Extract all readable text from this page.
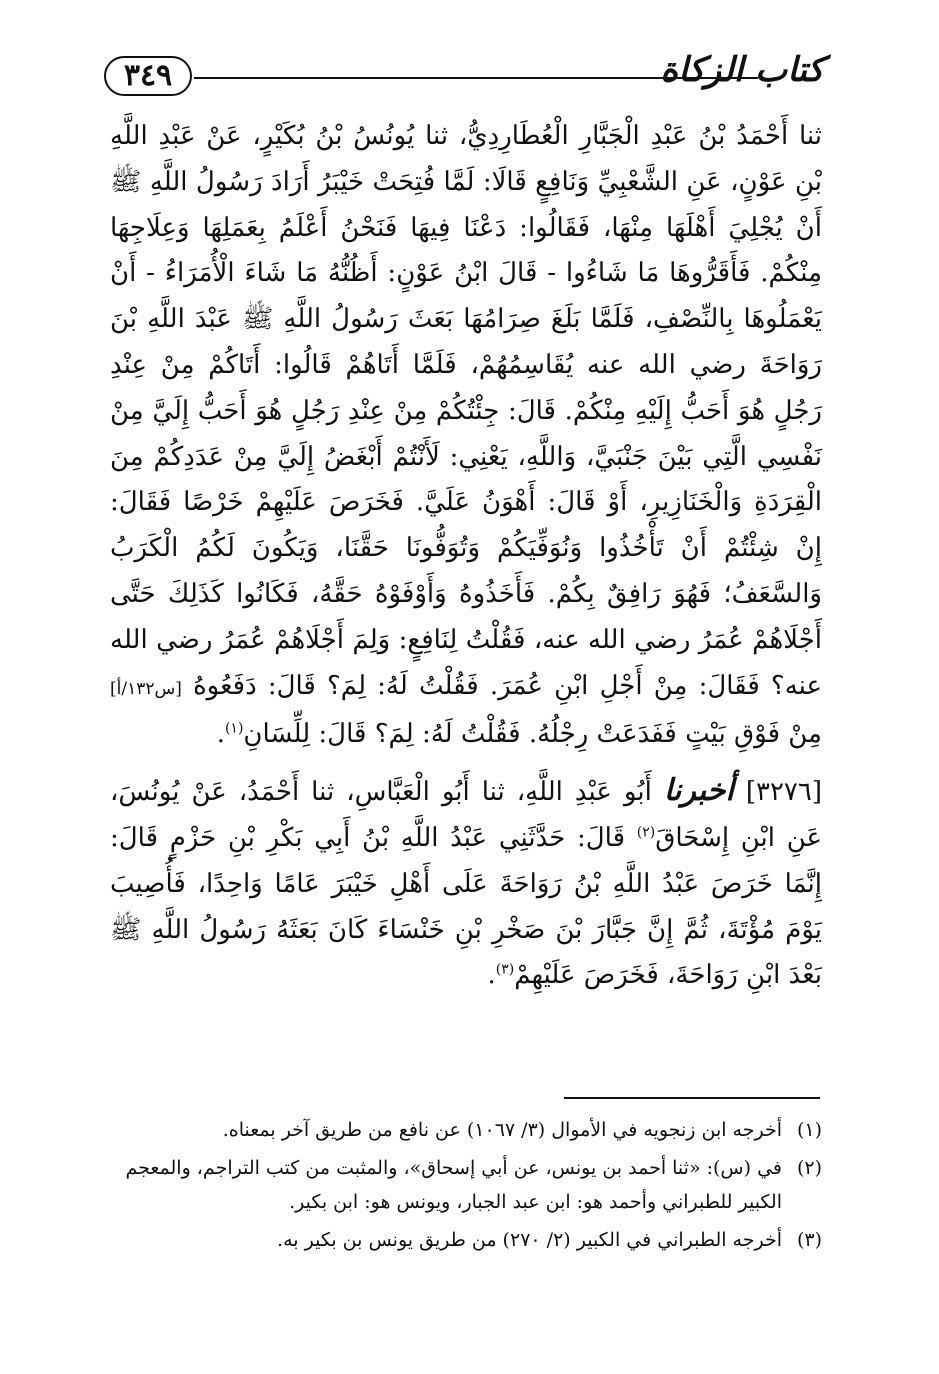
كتاب الزكاة
٣٤٩

ثنا أَحْمَدُ بْنُ عَبْدِ الْجَبَّارِ الْعُطَارِدِيُّ، ثنا يُونُسُ بْنُ بُكَيْرٍ، عَنْ عَبْدِ اللَّهِ بْنِ عَوْنٍ، عَنِ الشَّعْبِيِّ وَنَافِعٍ قَالَا: لَمَّا فُتِحَتْ خَيْبَرُ أَرَادَ رَسُولُ اللَّهِ ﷺ أَنْ يُجْلِيَ أَهْلَهَا مِنْهَا، فَقَالُوا: دَعْنَا فِيهَا فَنَحْنُ أَعْلَمُ بِعَمَلِهَا وَعِلَاجِهَا مِنْكُمْ. فَأَقَرُّوهَا مَا شَاءُوا - قَالَ ابْنُ عَوْنٍ: أَظُنُّهُ مَا شَاءَ الْأُمَرَاءُ - أَنْ يَعْمَلُوهَا بِالنِّصْفِ، فَلَمَّا بَلَغَ صِرَامُهَا بَعَثَ رَسُولُ اللَّهِ ﷺ عَبْدَ اللَّهِ بْنَ رَوَاحَةَ رضي الله عنه يُقَاسِمُهُمْ، فَلَمَّا أَتَاهُمْ قَالُوا: أَتَاكُمْ مِنْ عِنْدِ رَجُلٍ هُوَ أَحَبُّ إِلَيْهِ مِنْكُمْ. قَالَ: جِئْتُكُمْ مِنْ عِنْدِ رَجُلٍ هُوَ أَحَبُّ إِلَيَّ مِنْ نَفْسِي الَّتِي بَيْنَ جَنْبَيَّ، وَاللَّهِ، يَعْنِي: لَأَنْتُمْ أَبْغَضُ إِلَيَّ مِنْ عَدَدِكُمْ مِنَ الْقِرَدَةِ وَالْخَنَازِيرِ، أَوْ قَالَ: أَهْوَنُ عَلَيَّ. فَخَرَصَ عَلَيْهِمْ خَرْصًا فَقَالَ: إِنْ شِئْتُمْ أَنْ تَأْخُذُوا وَنُوَفِّيَكُمْ وَتُوَفُّونَا حَقَّنَا، وَيَكُونَ لَكُمُ الْكَرَبُ وَالسَّعَفُ؛ فَهُوَ رَافِقٌ بِكُمْ. فَأَخَذُوهُ وَأَوْفَوْهُ حَقَّهُ، فَكَانُوا كَذَلِكَ حَتَّى أَجْلَاهُمْ عُمَرُ رضي الله عنه، فَقُلْتُ لِنَافِعٍ: وَلِمَ أَجْلَاهُمْ عُمَرُ رضي الله عنه؟ فَقَالَ: مِنْ أَجْلِ ابْنِ عُمَرَ. فَقُلْتُ لَهُ: لِمَ؟ قَالَ: دَفَعُوهُ [س١٣٢/أ] مِنْ فَوْقِ بَيْتٍ فَفَدَعَتْ رِجْلُهُ. فَقُلْتُ لَهُ: لِمَ؟ قَالَ: لِلِّسَانِ$^{(١)}$.

[٣٢٧٦] أخبرنا أَبُو عَبْدِ اللَّهِ، ثنا أَبُو الْعَبَّاسِ، ثنا أَحْمَدُ، عَنْ يُونُسَ، عَنِ ابْنِ إِسْحَاقَ$^{(٢)}$ قَالَ: حَدَّثَنِي عَبْدُ اللَّهِ بْنُ أَبِي بَكْرِ بْنِ حَزْمٍ قَالَ: إِنَّمَا خَرَصَ عَبْدُ اللَّهِ بْنُ رَوَاحَةَ عَلَى أَهْلِ خَيْبَرَ عَامًا وَاحِدًا، فَأُصِيبَ يَوْمَ مُؤْتَةَ، ثُمَّ إِنَّ جَبَّارَ بْنَ صَخْرِ بْنِ خَنْسَاءَ كَانَ بَعَثَهُ رَسُولُ اللَّهِ ﷺ بَعْدَ ابْنِ رَوَاحَةَ، فَخَرَصَ عَلَيْهِمْ$^{(٣)}$.

(١)
أخرجه ابن زنجويه في الأموال (٣/ ١٠٦٧) عن نافع من طريق آخر بمعناه.
(٢)
في (س): «ثنا أحمد بن يونس، عن أبي إسحاق»، والمثبت من كتب التراجم، والمعجم الكبير للطبراني وأحمد هو: ابن عبد الجبار، ويونس هو: ابن بكير.
(٣)
أخرجه الطبراني في الكبير (٢/ ٢٧٠) من طريق يونس بن بكير به.
